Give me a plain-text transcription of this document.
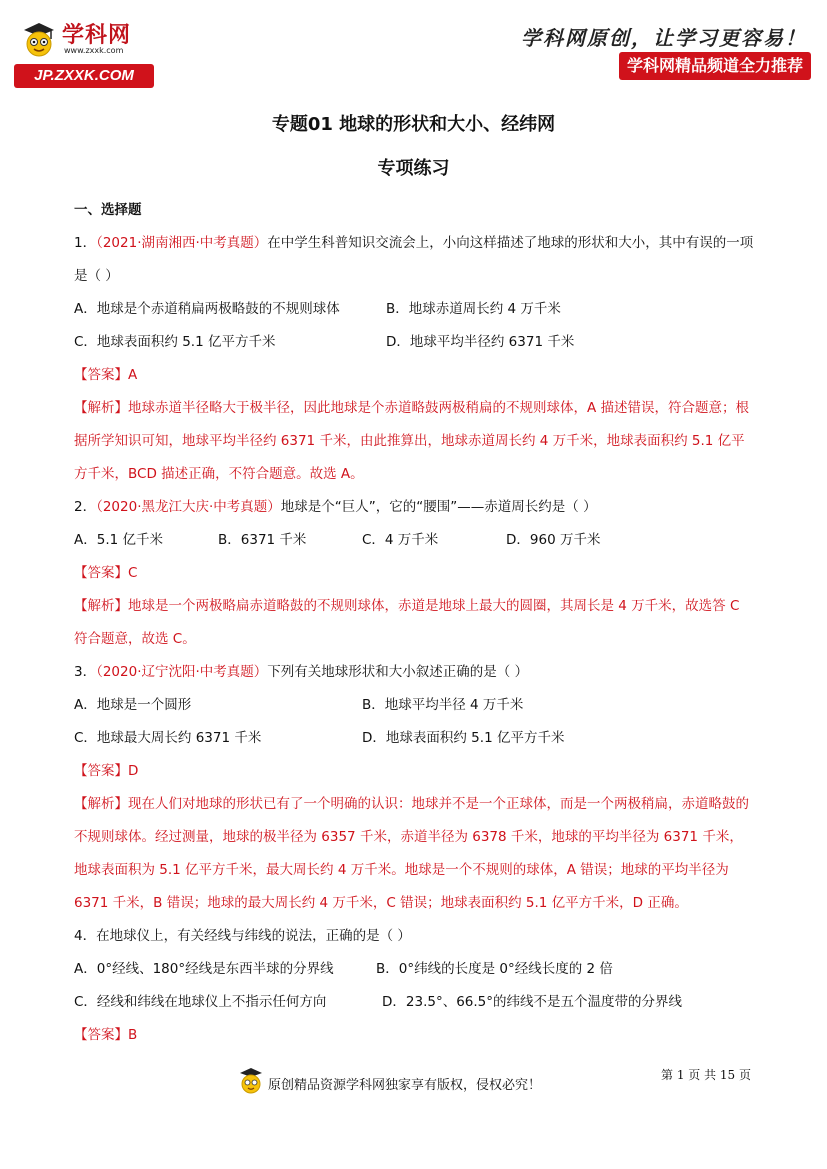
学科网
www.zxxk.com
JP.ZXXK.COM
学科网原创，让学习更容易！
学科网精品频道全力推荐
专题01 地球的形状和大小、经纬网
专项练习
一、选择题

1．（2021·湖南湘西·中考真题）在中学生科普知识交流会上，小向这样描述了地球的形状和大小，其中有误的一项是（ ）

A．地球是个赤道稍扁两极略鼓的不规则球体	B．地球赤道周长约 4 万千米
C．地球表面积约 5.1 亿平方千米	D．地球平均半径约 6371 千米
【答案】A

【解析】地球赤道半径略大于极半径，因此地球是个赤道略鼓两极稍扁的不规则球体，A 描述错误，符合题意；根据所学知识可知，地球平均半径约 6371 千米，由此推算出，地球赤道周长约 4 万千米，地球表面积约 5.1 亿平方千米，BCD 描述正确，不符合题意。故选 A。

2．（2020·黑龙江大庆·中考真题）地球是个“巨人”，它的“腰围”——赤道周长约是（ ）

A．5.1 亿千米	B．6371 千米	C．4 万千米	D．960 万千米
【答案】C

【解析】地球是一个两极略扁赤道略鼓的不规则球体，赤道是地球上最大的圆圈，其周长是 4 万千米，故选答 C 符合题意，故选 C。

3．（2020·辽宁沈阳·中考真题）下列有关地球形状和大小叙述正确的是（ ）

A．地球是一个圆形	B．地球平均半径 4 万千米
C．地球最大周长约 6371 千米	D．地球表面积约 5.1 亿平方千米
【答案】D

【解析】现在人们对地球的形状已有了一个明确的认识：地球并不是一个正球体，而是一个两极稍扁，赤道略鼓的不规则球体。经过测量，地球的极半径为 6357 千米，赤道半径为 6378 千米，地球的平均半径为 6371 千米，地球表面积为 5.1 亿平方千米，最大周长约 4 万千米。地球是一个不规则的球体，A 错误；地球的平均半径为 6371 千米，B 错误；地球的最大周长约 4 万千米，C 错误；地球表面积约 5.1 亿平方千米，D 正确。

4．在地球仪上，有关经线与纬线的说法，正确的是（ ）

A．0°经线、180°经线是东西半球的分界线	B．0°纬线的长度是 0°经线长度的 2 倍
C．经线和纬线在地球仪上不指示任何方向	D．23.5°、66.5°的纬线不是五个温度带的分界线
【答案】B
原创精品资源学科网独家享有版权，侵权必究！
第 1 页 共 15 页
